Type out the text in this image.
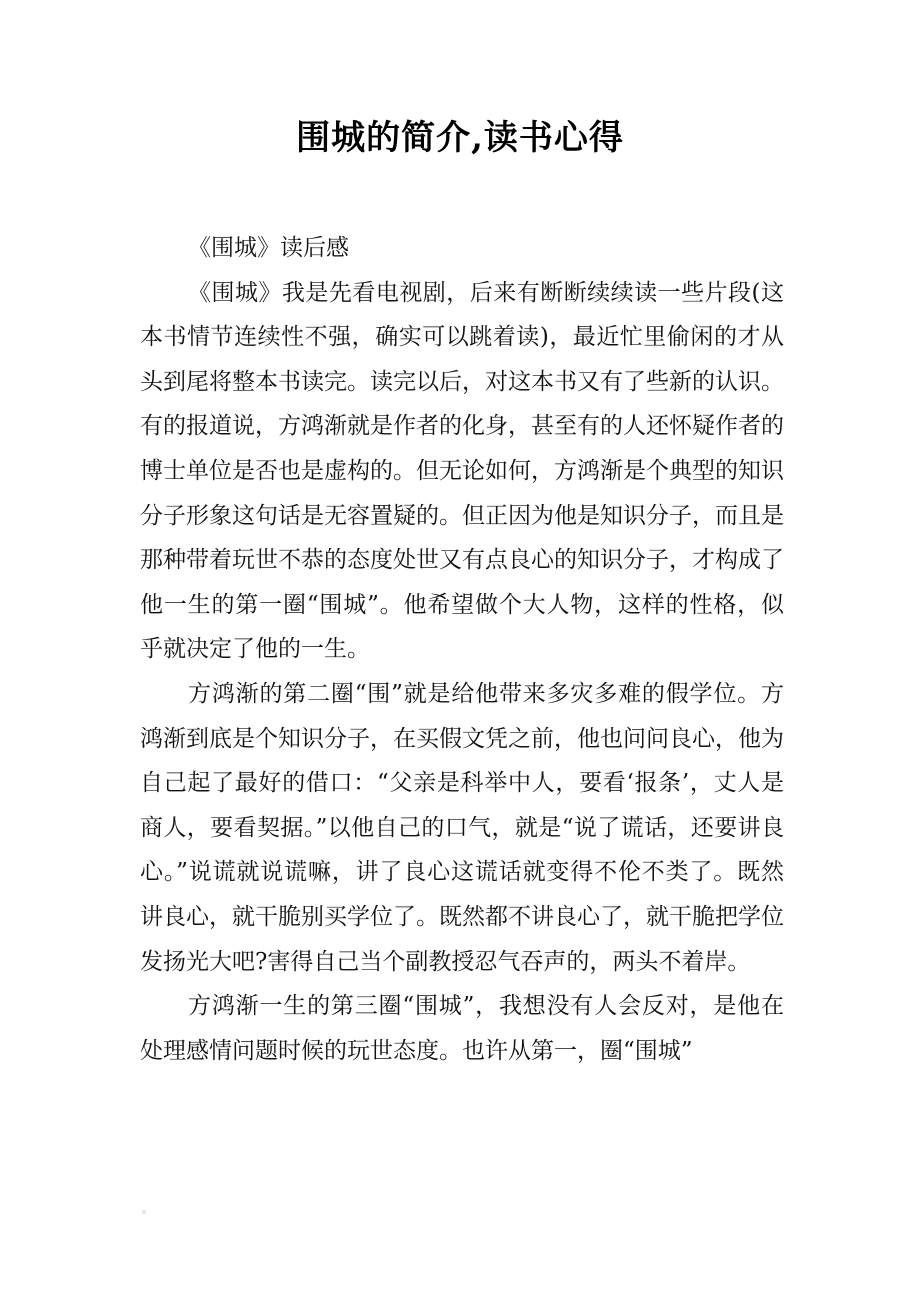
围城的简介,读书心得

《围城》读后感

《围城》我是先看电视剧，后来有断断续续读一些片段(这本书情节连续性不强，确实可以跳着读)，最近忙里偷闲的才从头到尾将整本书读完。读完以后，对这本书又有了些新的认识。有的报道说，方鸿渐就是作者的化身，甚至有的人还怀疑作者的博士单位是否也是虚构的。但无论如何，方鸿渐是个典型的知识分子形象这句话是无容置疑的。但正因为他是知识分子，而且是那种带着玩世不恭的态度处世又有点良心的知识分子，才构成了他一生的第一圈“围城”。他希望做个大人物，这样的性格，似乎就决定了他的一生。

方鸿渐的第二圈“围”就是给他带来多灾多难的假学位。方鸿渐到底是个知识分子，在买假文凭之前，他也问问良心，他为自己起了最好的借口：“父亲是科举中人，要看‘报条’，丈人是商人，要看契据。”以他自己的口气，就是“说了谎话，还要讲良心。”说谎就说谎嘛，讲了良心这谎话就变得不伦不类了。既然讲良心，就干脆别买学位了。既然都不讲良心了，就干脆把学位发扬光大吧?害得自己当个副教授忍气吞声的，两头不着岸。

方鸿渐一生的第三圈“围城”，我想没有人会反对，是他在处理感情问题时候的玩世态度。也许从第一，圈“围城”
